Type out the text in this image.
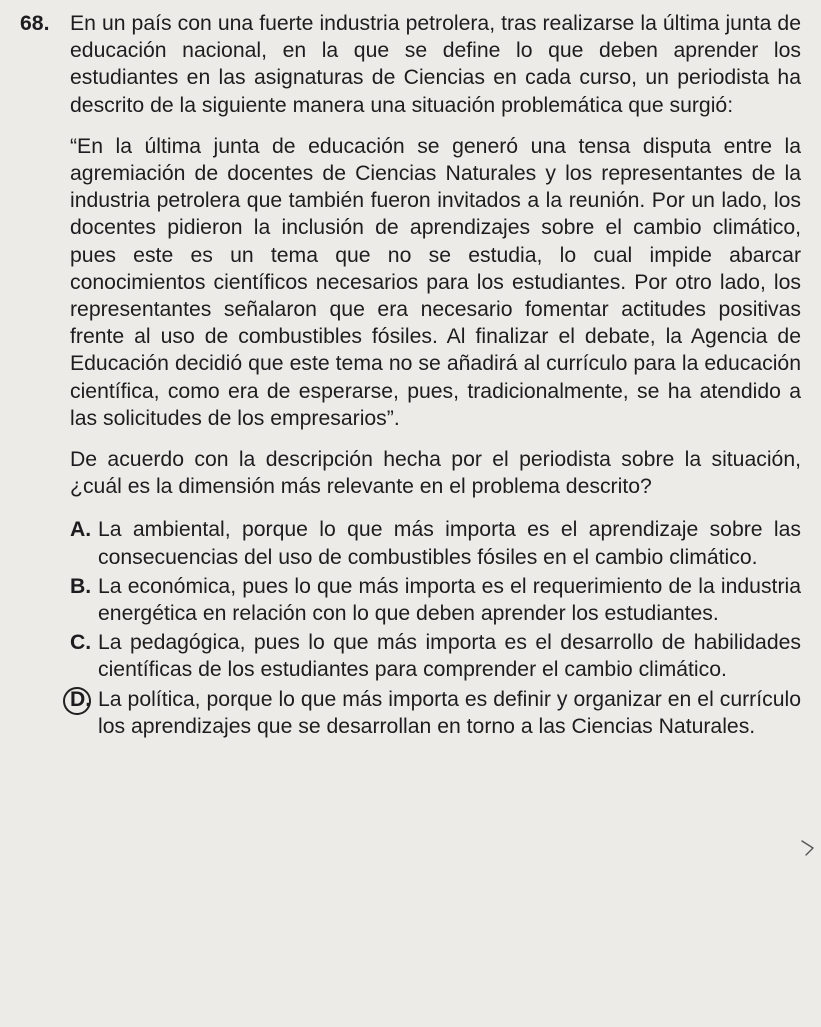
68. En un país con una fuerte industria petrolera, tras realizarse la última junta de educación nacional, en la que se define lo que deben aprender los estudiantes en las asignaturas de Ciencias en cada curso, un periodista ha descrito de la siguiente manera una situación problemática que surgió:

“En la última junta de educación se generó una tensa disputa entre la agremiación de docentes de Ciencias Naturales y los representantes de la industria petrolera que también fueron invitados a la reunión. Por un lado, los docentes pidieron la inclusión de aprendizajes sobre el cambio climático, pues este es un tema que no se estudia, lo cual impide abarcar conocimientos científicos necesarios para los estudiantes. Por otro lado, los representantes señalaron que era necesario fomentar actitudes positivas frente al uso de combustibles fósiles. Al finalizar el debate, la Agencia de Educación decidió que este tema no se añadirá al currículo para la educación científica, como era de esperarse, pues, tradicionalmente, se ha atendido a las solicitudes de los empresarios”.

De acuerdo con la descripción hecha por el periodista sobre la situación, ¿cuál es la dimensión más relevante en el problema descrito?

A. La ambiental, porque lo que más importa es el aprendizaje sobre las consecuencias del uso de combustibles fósiles en el cambio climático.
B. La económica, pues lo que más importa es el requerimiento de la industria energética en relación con lo que deben aprender los estudiantes.
C. La pedagógica, pues lo que más importa es el desarrollo de habilidades científicas de los estudiantes para comprender el cambio climático.
D. La política, porque lo que más importa es definir y organizar en el currículo los aprendizajes que se desarrollan en torno a las Ciencias Naturales.
